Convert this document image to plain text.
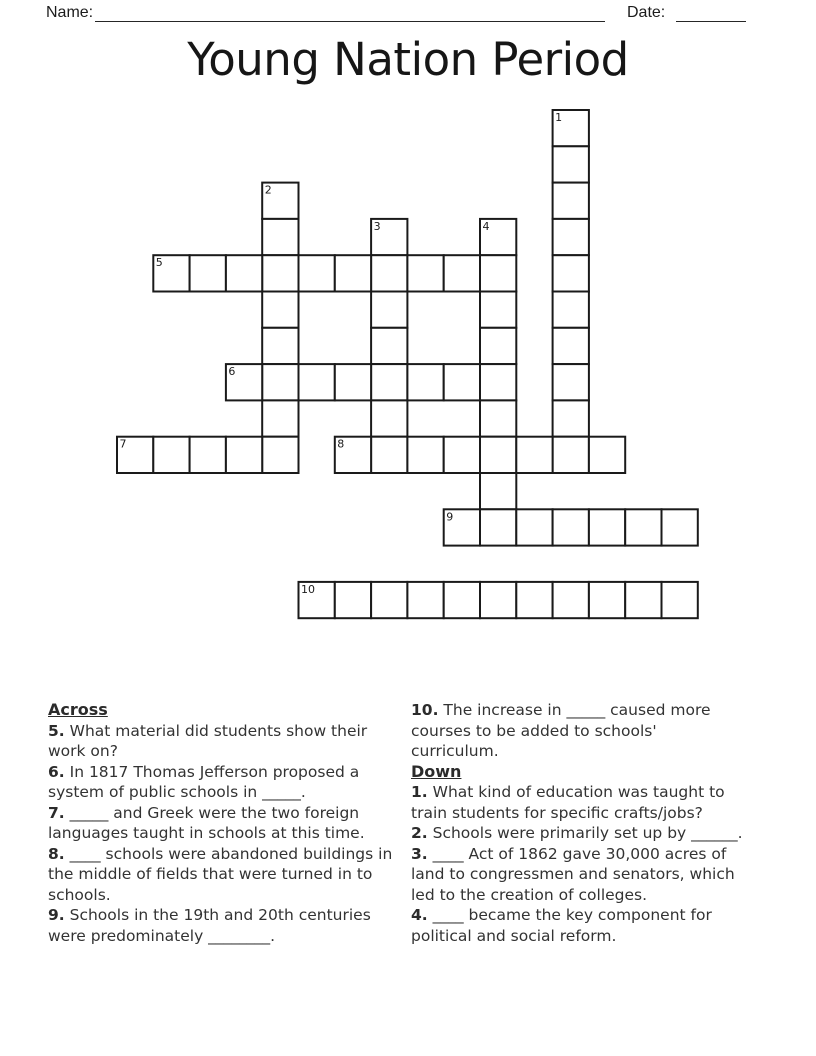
Name:	Date:
Young Nation Period
1
2
3	4
5
6
7	8
9
10

Across

5. What material did students show their work on?

6. In 1817 Thomas Jefferson proposed a system of public schools in _____.

7. _____ and Greek were the two foreign languages taught in schools at this time.

8. ____ schools were abandoned buildings in the middle of fields that were turned in to schools.

9. Schools in the 19th and 20th centuries were predominately ________.

10. The increase in _____ caused more courses to be added to schools' curriculum.

Down

1. What kind of education was taught to train students for specific crafts/jobs?

2. Schools were primarily set up by ______.

3. ____ Act of 1862 gave 30,000 acres of land to congressmen and senators, which led to the creation of colleges.

4. ____ became the key component for political and social reform.
